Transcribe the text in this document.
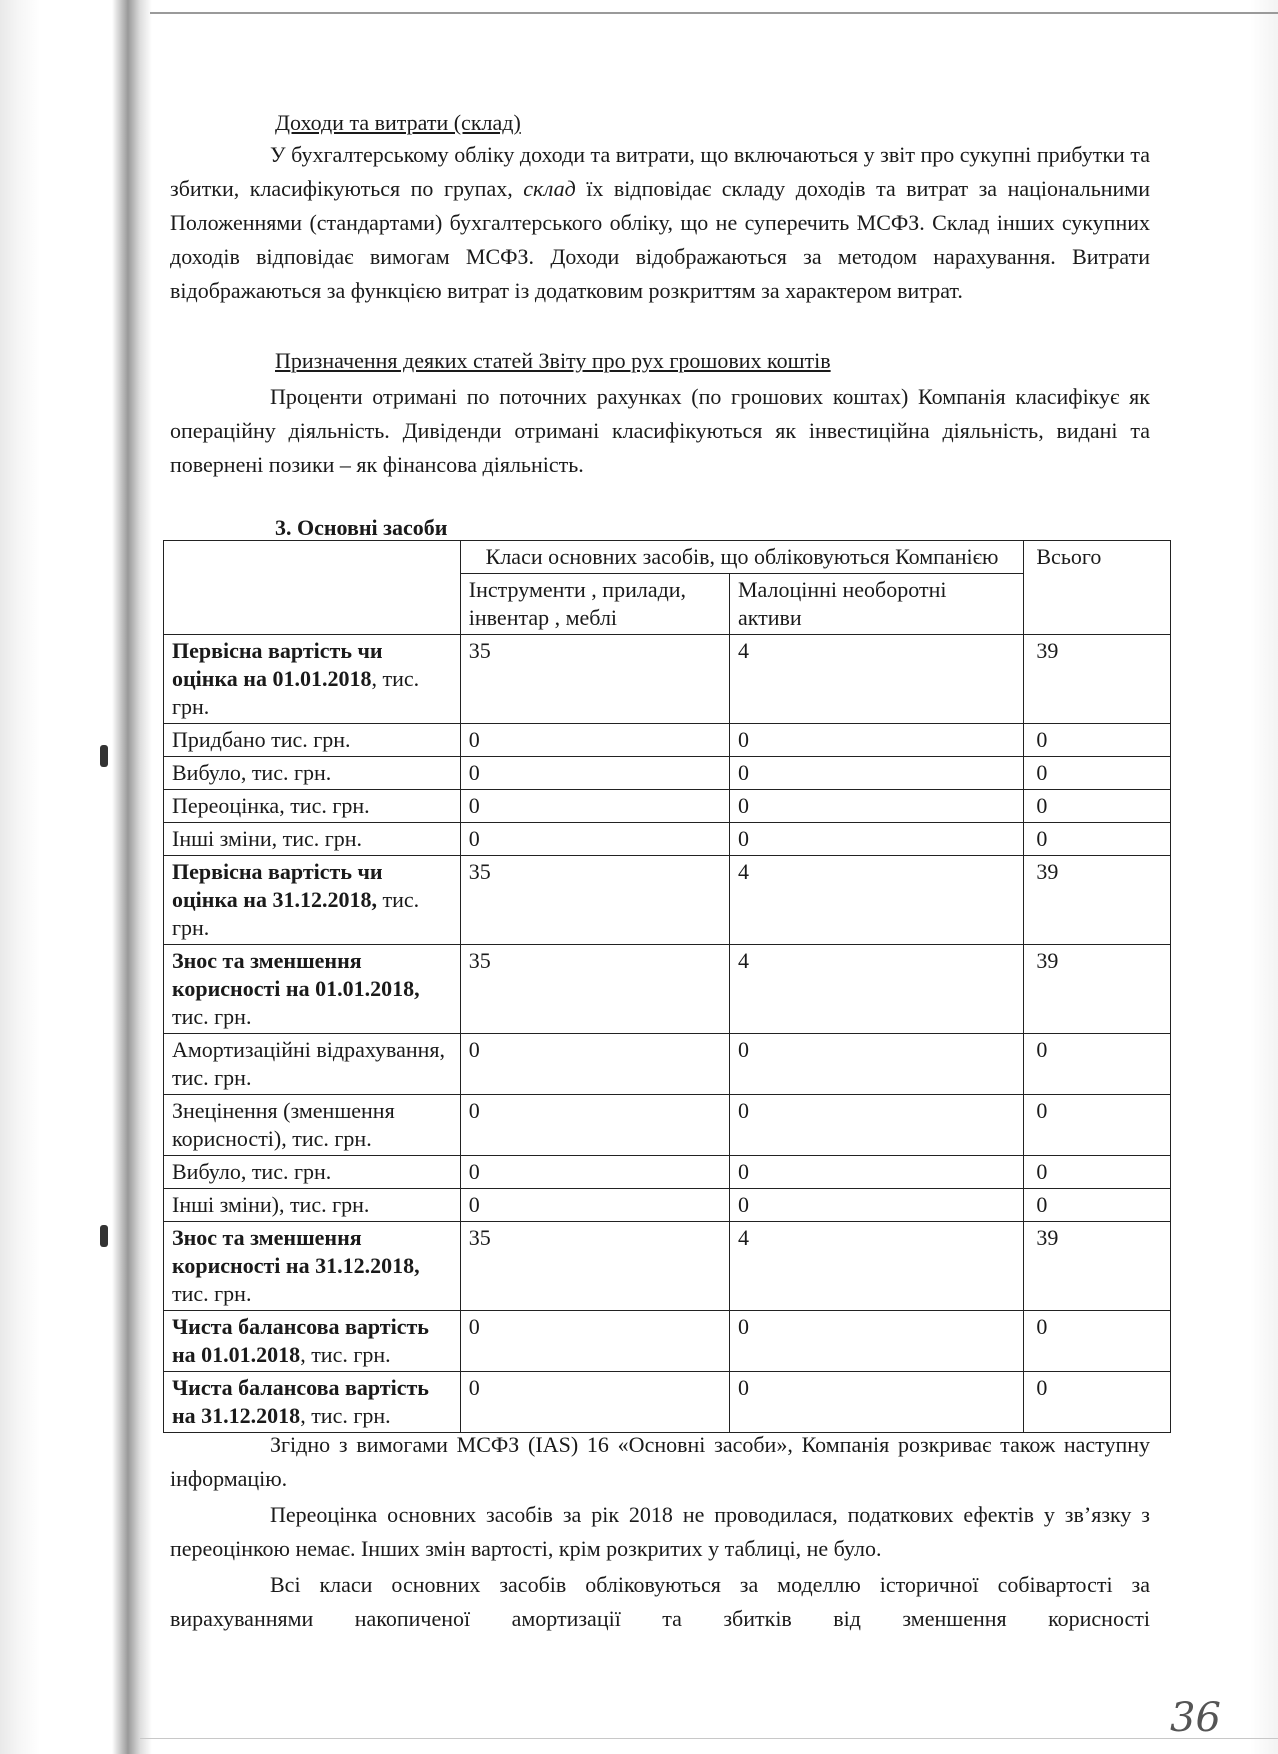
Доходи та витрати (склад)

У бухгалтерському обліку доходи та витрати, що включаються у звіт про сукупні прибутки та збитки, класифікуються по групах, склад їх відповідає складу доходів та витрат за національними Положеннями (стандартами) бухгалтерського обліку, що не суперечить МСФЗ. Склад інших сукупних доходів відповідає вимогам МСФЗ. Доходи відображаються за методом нарахування. Витрати відображаються за функцією витрат із додатковим розкриттям за характером витрат.

Призначення деяких статей Звіту про рух грошових коштів

Проценти отримані по поточних рахунках (по грошових коштах) Компанія класифікує як операційну діяльність. Дивіденди отримані класифікуються як інвестиційна діяльність, видані та повернені позики – як фінансова діяльність.

3. Основні засоби
	Класи основних засобів, що обліковуються Компанією		Всього
	Інструменти , прилади, інвентар , меблі	Малоцінні необоротні активи	
Первісна вартість чи оцінка на 01.01.2018, тис. грн.	35	4	39
Придбано тис. грн.	0	0	0
Вибуло, тис. грн.	0	0	0
Переоцінка, тис. грн.	0	0	0
Інші зміни, тис. грн.	0	0	0
Первісна вартість чи оцінка на 31.12.2018, тис. грн.	35	4	39
Знос та зменшення корисності на 01.01.2018, тис. грн.	35	4	39
Амортизаційні відрахування, тис. грн.	0	0	0
Знецінення (зменшення корисності), тис. грн.	0	0	0
Вибуло, тис. грн.	0	0	0
Інші зміни), тис. грн.	0	0	0
Знос та зменшення корисності на 31.12.2018, тис. грн.	35	4	39
Чиста балансова вартість на 01.01.2018, тис. грн.	0	0	0
Чиста балансова вартість на 31.12.2018, тис. грн.	0	0	0

Згідно з вимогами МСФЗ (IAS) 16 «Основні засоби», Компанія розкриває також наступну інформацію.

Переоцінка основних засобів за рік 2018 не проводилася, податкових ефектів у зв’язку з переоцінкою немає. Інших змін вартості, крім розкритих у таблиці, не було.

Всі класи основних засобів обліковуються за моделлю історичної собівартості за вирахуваннями накопиченої амортизації та збитків від зменшення корисності

36
